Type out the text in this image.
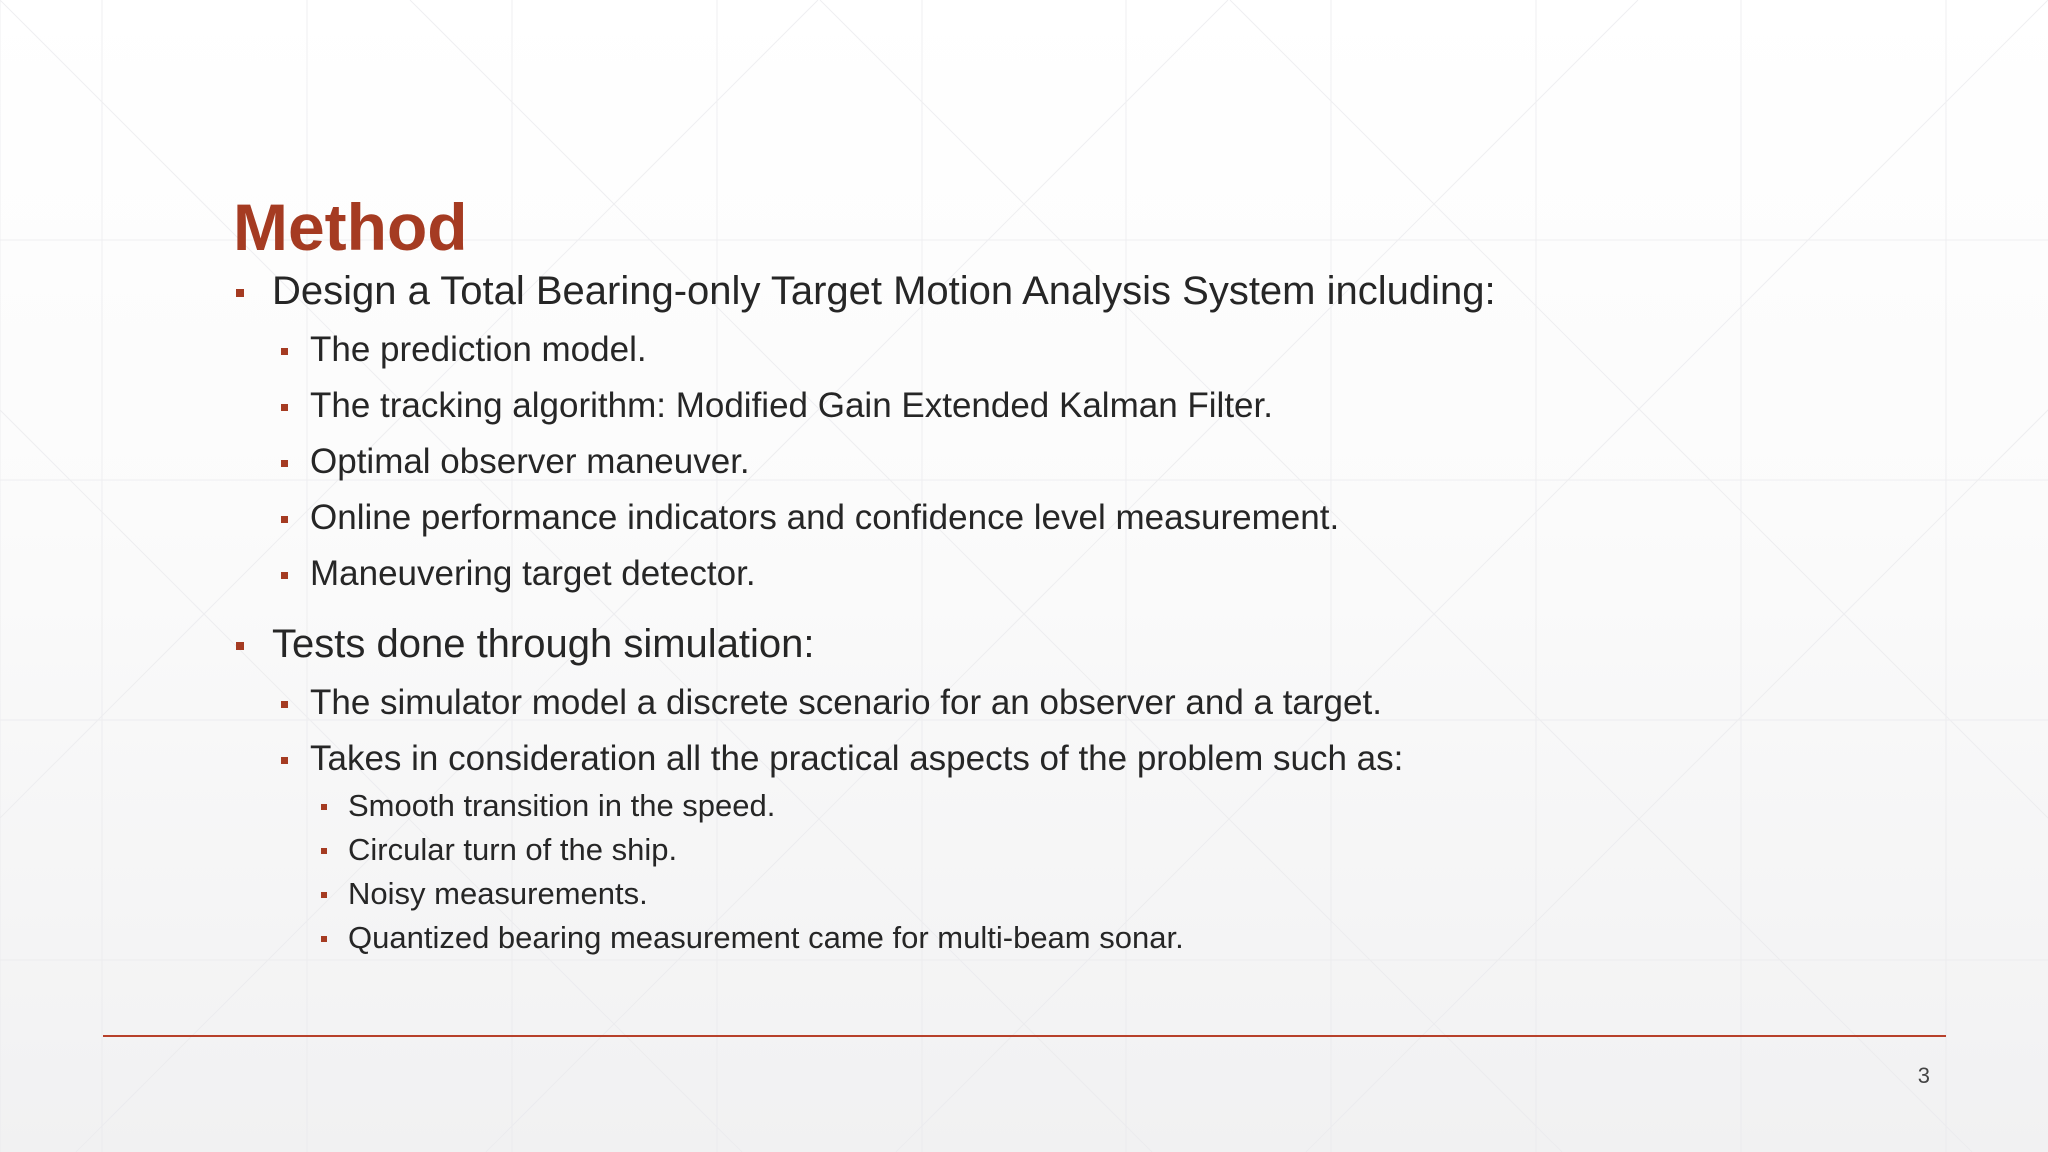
Method
Design a Total Bearing-only Target Motion Analysis System including:
The prediction model.
The tracking algorithm: Modified Gain Extended Kalman Filter.
Optimal observer maneuver.
Online performance indicators and confidence level measurement.
Maneuvering target detector.
Tests done through simulation:
The simulator model a discrete scenario for an observer and a target.
Takes in consideration all the practical aspects of the problem such as:
Smooth transition in the speed.
Circular turn of the ship.
Noisy measurements.
Quantized bearing measurement came for multi-beam sonar.
3
